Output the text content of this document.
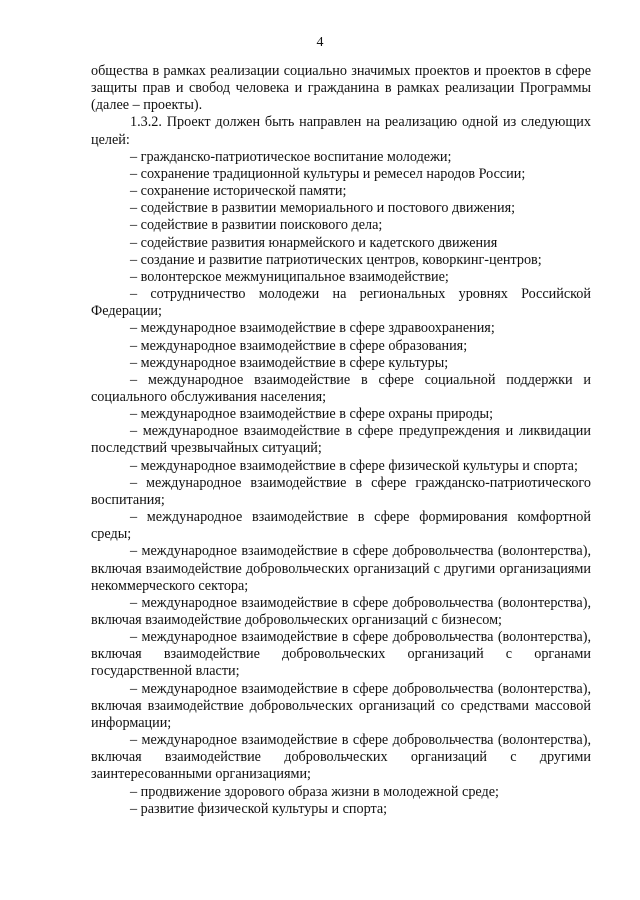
4

общества в рамках реализации социально значимых проектов и проектов в сфере защиты прав и свобод человека и гражданина в рамках реализации Программы (далее – проекты).

1.3.2. Проект должен быть направлен на реализацию одной из следующих целей:

– гражданско-патриотическое воспитание молодежи;

– сохранение традиционной культуры и ремесел народов России;

– сохранение исторической памяти;

– содействие в развитии мемориального и постового движения;

– содействие в развитии поискового дела;

– содействие развития юнармейского и кадетского движения

– создание и развитие патриотических центров, коворкинг-центров;

– волонтерское межмуниципальное взаимодействие;

– сотрудничество молодежи на региональных уровнях Российской Федерации;

– международное взаимодействие в сфере здравоохранения;

– международное взаимодействие в сфере образования;

– международное взаимодействие в сфере культуры;

– международное взаимодействие в сфере социальной поддержки и социального обслуживания населения;

– международное взаимодействие в сфере охраны природы;

– международное взаимодействие в сфере предупреждения и ликвидации последствий чрезвычайных ситуаций;

– международное взаимодействие в сфере физической культуры и спорта;

– международное взаимодействие в сфере гражданско-патриотического воспитания;

– международное взаимодействие в сфере формирования комфортной среды;

– международное взаимодействие в сфере добровольчества (волонтерства), включая взаимодействие добровольческих организаций с другими организациями некоммерческого сектора;

– международное взаимодействие в сфере добровольчества (волонтерства), включая взаимодействие добровольческих организаций с бизнесом;

– международное взаимодействие в сфере добровольчества (волонтерства), включая взаимодействие добровольческих организаций с органами государственной власти;

– международное взаимодействие в сфере добровольчества (волонтерства), включая взаимодействие добровольческих организаций со средствами массовой информации;

– международное взаимодействие в сфере добровольчества (волонтерства), включая взаимодействие добровольческих организаций с другими заинтересованными организациями;

– продвижение здорового образа жизни в молодежной среде;

– развитие физической культуры и спорта;
